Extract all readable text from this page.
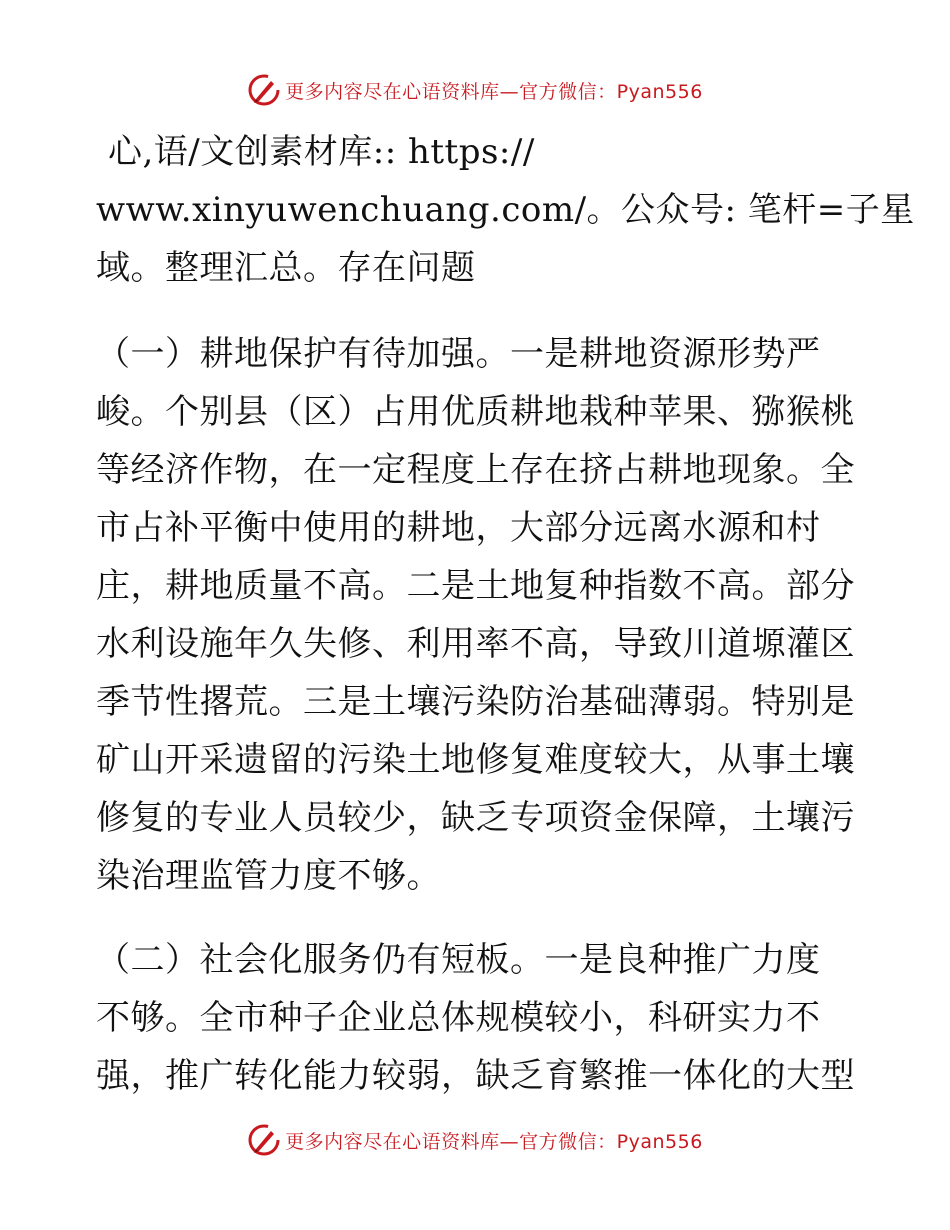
更多内容尽在心语资料库—官方微信：Pyan556

心,语/文创素材库:: https://
www.xinyuwenchuang.com/。公众号: 笔杆=子星
域。整理汇总。存在问题

（一）耕地保护有待加强。一是耕地资源形势严
峻。个别县（区）占用优质耕地栽种苹果、猕猴桃
等经济作物，在一定程度上存在挤占耕地现象。全
市占补平衡中使用的耕地，大部分远离水源和村
庄，耕地质量不高。二是土地复种指数不高。部分
水利设施年久失修、利用率不高，导致川道塬灌区
季节性撂荒。三是土壤污染防治基础薄弱。特别是
矿山开采遗留的污染土地修复难度较大，从事土壤
修复的专业人员较少，缺乏专项资金保障，土壤污
染治理监管力度不够。

（二）社会化服务仍有短板。一是良种推广力度
不够。全市种子企业总体规模较小，科研实力不
强，推广转化能力较弱，缺乏育繁推一体化的大型

更多内容尽在心语资料库—官方微信：Pyan556
